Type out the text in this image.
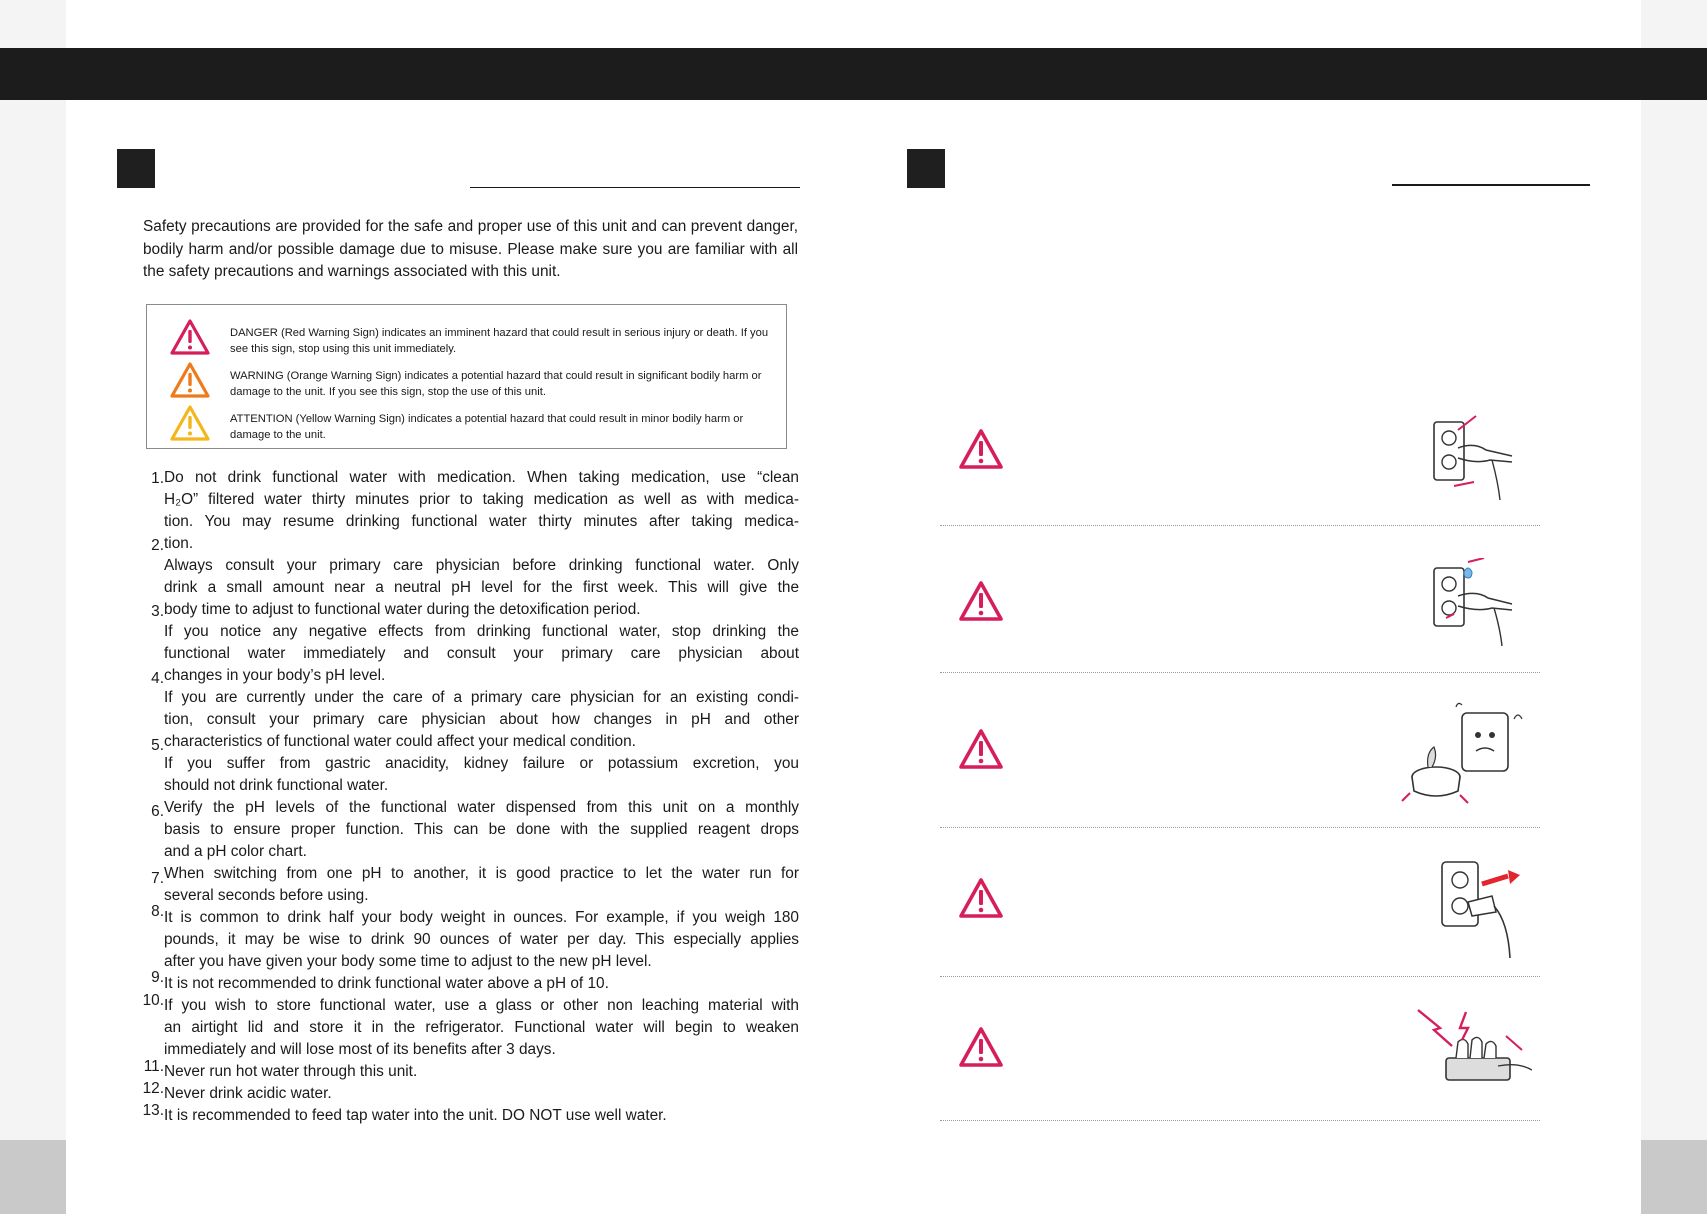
Safety precautions are provided for the safe and proper use of this unit and can prevent danger, bodily harm and/or possible damage due to misuse. Please make sure you are familiar with all the safety precautions and warnings associated with this unit.

DANGER (Red Warning Sign) indicates an imminent hazard that could result in serious injury or death. If you see this sign, stop using this unit immediately.

WARNING (Orange Warning Sign) indicates a potential hazard that could result in significant bodily harm or damage to the unit. If you see this sign, stop the use of this unit.

ATTENTION (Yellow Warning Sign) indicates a potential hazard that could result in minor bodily harm or damage to the unit.

1.
2.
3.
4.
5.
6.
7.
8.
9.
10.
11.
12.
13.
Do not drink functional water with medication. When taking medication, use “clean
H₂O” filtered water thirty minutes prior to taking medication as well as with medica-
tion. You may resume drinking functional water thirty minutes after taking medica-
tion.
Always consult your primary care physician before drinking functional water. Only
drink a small amount near a neutral pH level for the first week. This will give the
body time to adjust to functional water during the detoxification period.
If you notice any negative effects from drinking functional water, stop drinking the
functional water immediately and consult your primary care physician about
changes in your body’s pH level.
If you are currently under the care of a primary care physician for an existing condi-
tion, consult your primary care physician about how changes in pH and other
characteristics of functional water could affect your medical condition.
If you suffer from gastric anacidity, kidney failure or potassium excretion, you
should not drink functional water.
Verify the pH levels of the functional water dispensed from this unit on a monthly
basis to ensure proper function. This can be done with the supplied reagent drops
and a pH color chart.
When switching from one pH to another, it is good practice to let the water run for
several seconds before using.
It is common to drink half your body weight in ounces. For example, if you weigh 180
pounds, it may be wise to drink 90 ounces of water per day. This especially applies
after you have given your body some time to adjust to the new pH level.
It is not recommended to drink functional water above a pH of 10.
If you wish to store functional water, use a glass or other non leaching material with
an airtight lid and store it in the refrigerator. Functional water will begin to weaken
immediately and will lose most of its benefits after 3 days.
Never run hot water through this unit.
Never drink acidic water.
It is recommended to feed tap water into the unit. DO NOT use well water.
